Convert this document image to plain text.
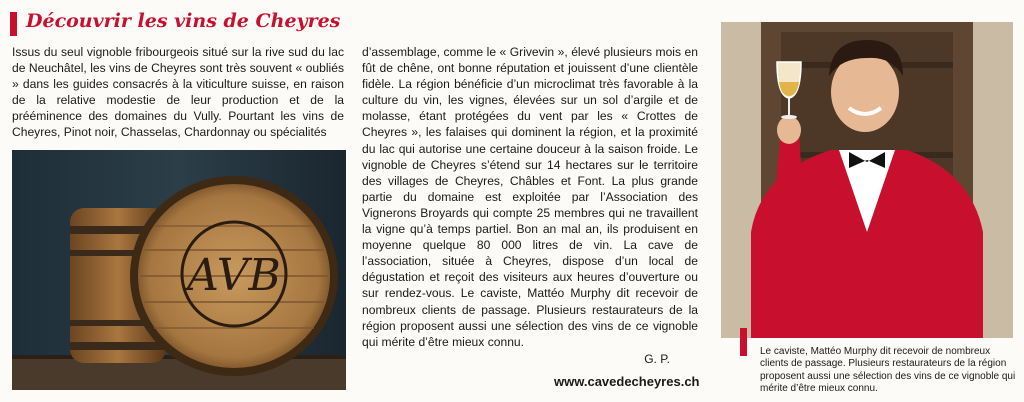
Découvrir les vins de Cheyres
Issus du seul vignoble fribourgeois situé sur la rive sud du lac de Neuchâtel, les vins de Cheyres sont très souvent « oubliés » dans les guides consacrés à la viticulture suisse, en raison de la relative modestie de leur production et de la prééminence des domaines du Vully. Pourtant les vins de Cheyres, Pinot noir, Chasselas, Chardonnay ou spécialités
d’assemblage, comme le « Grivevin », élevé plusieurs mois en fût de chêne, ont bonne réputation et jouissent d’une clientèle fidèle. La région bénéficie d’un microclimat très favorable à la culture du vin, les vignes, élevées sur un sol d’argile et de molasse, étant protégées du vent par les « Crottes de Cheyres », les falaises qui dominent la région, et la proximité du lac qui autorise une certaine douceur à la saison froide. Le vignoble de Cheyres s’étend sur 14 hectares sur le territoire des villages de Cheyres, Châbles et Font. La plus grande partie du domaine est exploitée par l’Association des Vignerons Broyards qui compte 25 membres qui ne travaillent la vigne qu’à temps partiel. Bon an mal an, ils produisent en moyenne quelque 80 000 litres de vin. La cave de l’association, située à Cheyres, dispose d’un local de dégustation et reçoit des visiteurs aux heures d’ouverture ou sur rendez-vous. Le caviste, Mattéo Murphy dit recevoir de nombreux clients de passage. Plusieurs restaurateurs de la région proposent aussi une sélection des vins de ce vignoble qui mérite d’être mieux connu.
G. P.
www.cavedecheyres.ch
AVB
Le caviste, Mattéo Murphy dit recevoir de nombreux clients de passage. Plusieurs restaurateurs de la région proposent aussi une sélection des vins de ce vignoble qui mérite d’être mieux connu.
